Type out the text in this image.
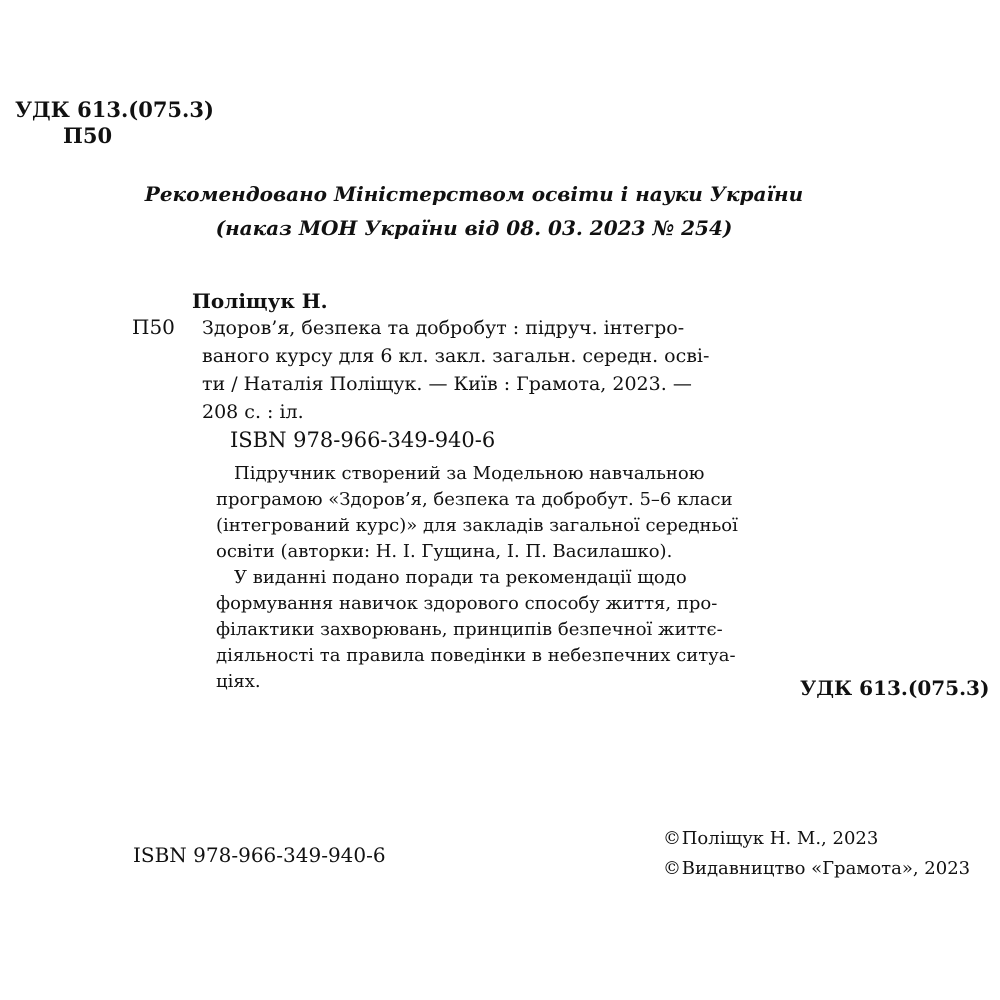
УДК 613.(075.3)
П50
Рекомендовано Міністерством освіти і науки України
(наказ МОН України від 08. 03. 2023 № 254)
Поліщук Н.
П50 Здоров’я, безпека та добробут : підруч. інтегро-
ваного курсу для 6 кл. закл. загальн. середн. осві-
ти / Наталія Поліщук. — Київ : Грамота, 2023. —
208 с. : іл.
ISBN 978-966-349-940-6
Підручник створений за Модельною навчальною
програмою «Здоров’я, безпека та добробут. 5–6 класи
(інтегрований курс)» для закладів загальної середньої
освіти (авторки: Н. І. Гущина, І. П. Василашко).
У виданні подано поради та рекомендації щодо
формування навичок здорового способу життя, про-
філактики захворювань, принципів безпечної життє-
діяльності та правила поведінки в небезпечних ситуа-
ціях.	УДК 613.(075.3)
ISBN 978-966-349-940-6
© Поліщук Н. М., 2023
© Видавництво «Грамота», 2023
